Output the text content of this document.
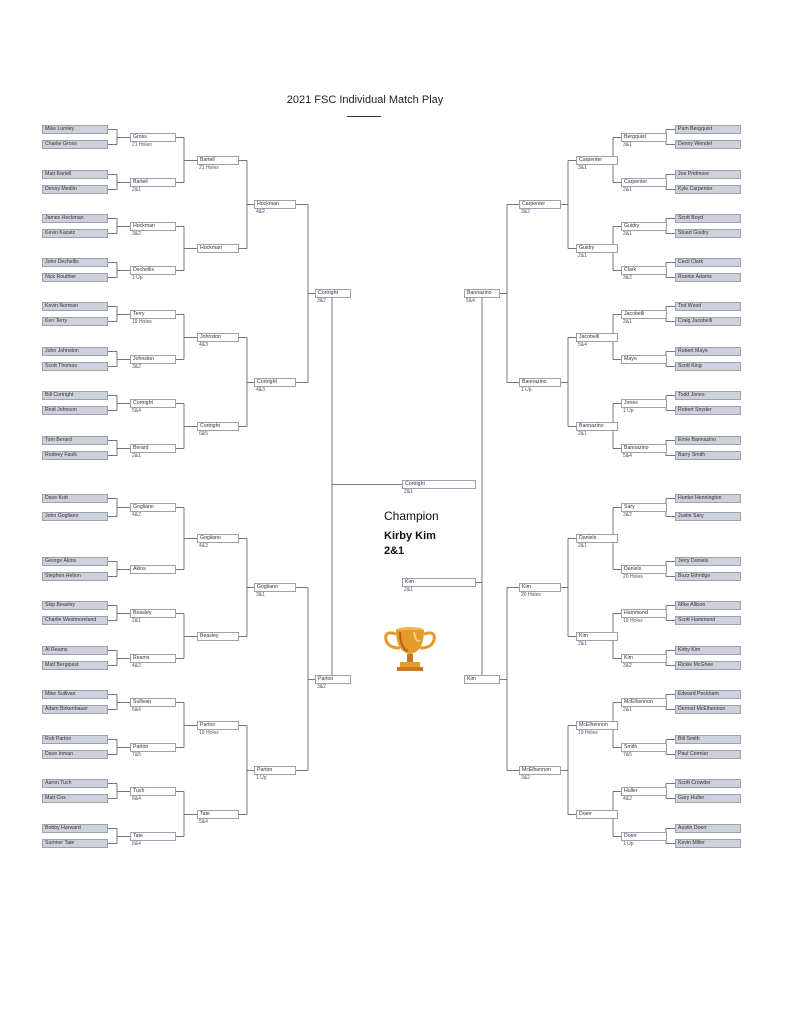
2021 FSC Individual Match Play
Mike Lumley
Charlie Gross
Matt Bartell
Denny Medlin
James Hockman
Kevin Kazatz
John Dechellis
Nick Routhier
Kevin Norman
Ken Terry
John Johnston
Scott Thomas
Bill Cortright
Reid Johnson
Tom Berard
Rodney Faulk
Gross
21 Holes
Bartell
2&1
Hockman
3&2
Dechellis
1 Up
Terry
19 Holes
Johnston
3&2
Cortright
5&4
Berard
2&1
Bartell
21 Holes
Hockman
Johnston
4&3
Cortright
6&5
Hockman
4&2
Cortright
4&3
Cortright
3&2
Dave Kott
John Gogliano
George Akins
Stephen Helton
Skip Beasley
Charlie Westmoreland
Al Reams
Matt Bergquist
Mike Sullivan
Adam Birkenhauer
Rob Parton
Dave Inman
Aaron Tuch
Matt Cox
Bobby Harward
Sumner Tate
Gogliano
4&2
Akins
Beasley
2&1
Reams
4&3
Sullivan
6&4
Parton
7&5
Tuch
6&4
Tate
6&4
Gogliano
4&3
Beasley
Parton
19 Holes
Tate
5&4
Gogliano
3&1
Parton
1 Up
Parton
3&2
Pam Bergquist
Denny Wendel
Joe Pridmore
Kyle Carpenter
Scott Boyd
Stuart Guidry
Cecil Clark
Ronnie Adams
Tod Wood
Craig Jacobelli
Robert Mayo
Scott King
Todd Jones
Robert Snyder
Ernie Bannazino
Barry Smith
Bergquist
3&1
Carpenter
2&1
Guidry
2&1
Clark
3&2
Jacobelli
2&1
Mayo
Jones
1 Up
Bannazino
5&4
Carpenter
3&1
Guidry
2&1
Jacobelli
5&4
Bannazino
2&1
Carpenter
3&2
Bannazino
1 Up
Bannazino
5&4
Hunter Hennington
Justin Sary
Jerry Daniels
Buzz Ethridge
Mike Allison
Scott Hammond
Kirby Kim
Rickie McGhee
Edward Peckham
Dermot McElhennon
Bill Smith
Paul Cormier
Scott Crowder
Gary Huller
Austin Doerr
Kevin Miller
Sary
3&2
Daniels
20 Holes
Hammond
19 Holes
Kim
3&2
McElhennon
2&1
Smith
7&5
Huller
4&2
Doerr
1 Up
Daniels
2&1
Kim
2&1
McElhennon
19 Holes
Doerr
Kim
20 Holes
McElhennon
3&2
Kim
Cortright
2&1
Kim
2&1
Champion
Kirby Kim
2&1
